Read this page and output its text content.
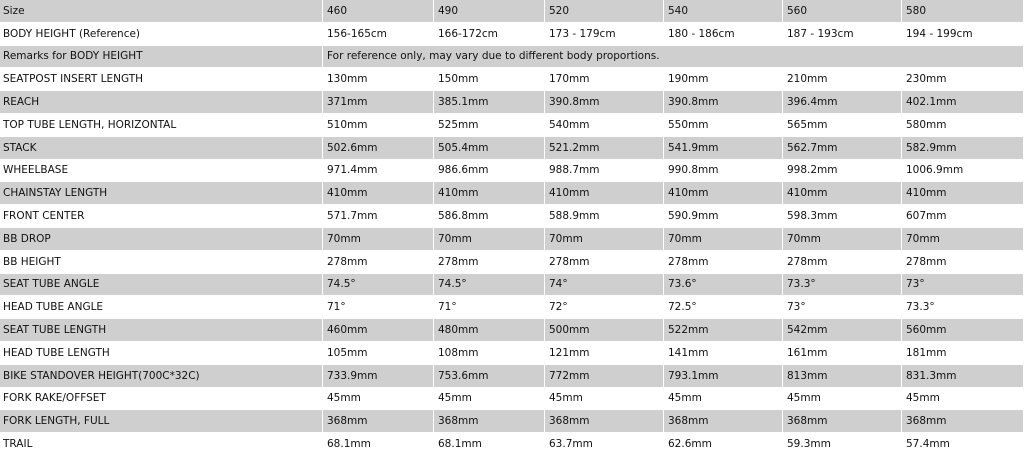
Size	460	490	520	540	560	580
BODY HEIGHT (Reference)	156-165cm	166-172cm	173 - 179cm	180 - 186cm	187 - 193cm	194 - 199cm
Remarks for BODY HEIGHT	For reference only, may vary due to different body proportions.					
SEATPOST INSERT LENGTH	130mm	150mm	170mm	190mm	210mm	230mm
REACH	371mm	385.1mm	390.8mm	390.8mm	396.4mm	402.1mm
TOP TUBE LENGTH, HORIZONTAL	510mm	525mm	540mm	550mm	565mm	580mm
STACK	502.6mm	505.4mm	521.2mm	541.9mm	562.7mm	582.9mm
WHEELBASE	971.4mm	986.6mm	988.7mm	990.8mm	998.2mm	1006.9mm
CHAINSTAY LENGTH	410mm	410mm	410mm	410mm	410mm	410mm
FRONT CENTER	571.7mm	586.8mm	588.9mm	590.9mm	598.3mm	607mm
BB DROP	70mm	70mm	70mm	70mm	70mm	70mm
BB HEIGHT	278mm	278mm	278mm	278mm	278mm	278mm
SEAT TUBE ANGLE	74.5°	74.5°	74°	73.6°	73.3°	73°
HEAD TUBE ANGLE	71°	71°	72°	72.5°	73°	73.3°
SEAT TUBE LENGTH	460mm	480mm	500mm	522mm	542mm	560mm
HEAD TUBE LENGTH	105mm	108mm	121mm	141mm	161mm	181mm
BIKE STANDOVER HEIGHT(700C*32C)	733.9mm	753.6mm	772mm	793.1mm	813mm	831.3mm
FORK RAKE/OFFSET	45mm	45mm	45mm	45mm	45mm	45mm
FORK LENGTH, FULL	368mm	368mm	368mm	368mm	368mm	368mm
TRAIL	68.1mm	68.1mm	63.7mm	62.6mm	59.3mm	57.4mm
